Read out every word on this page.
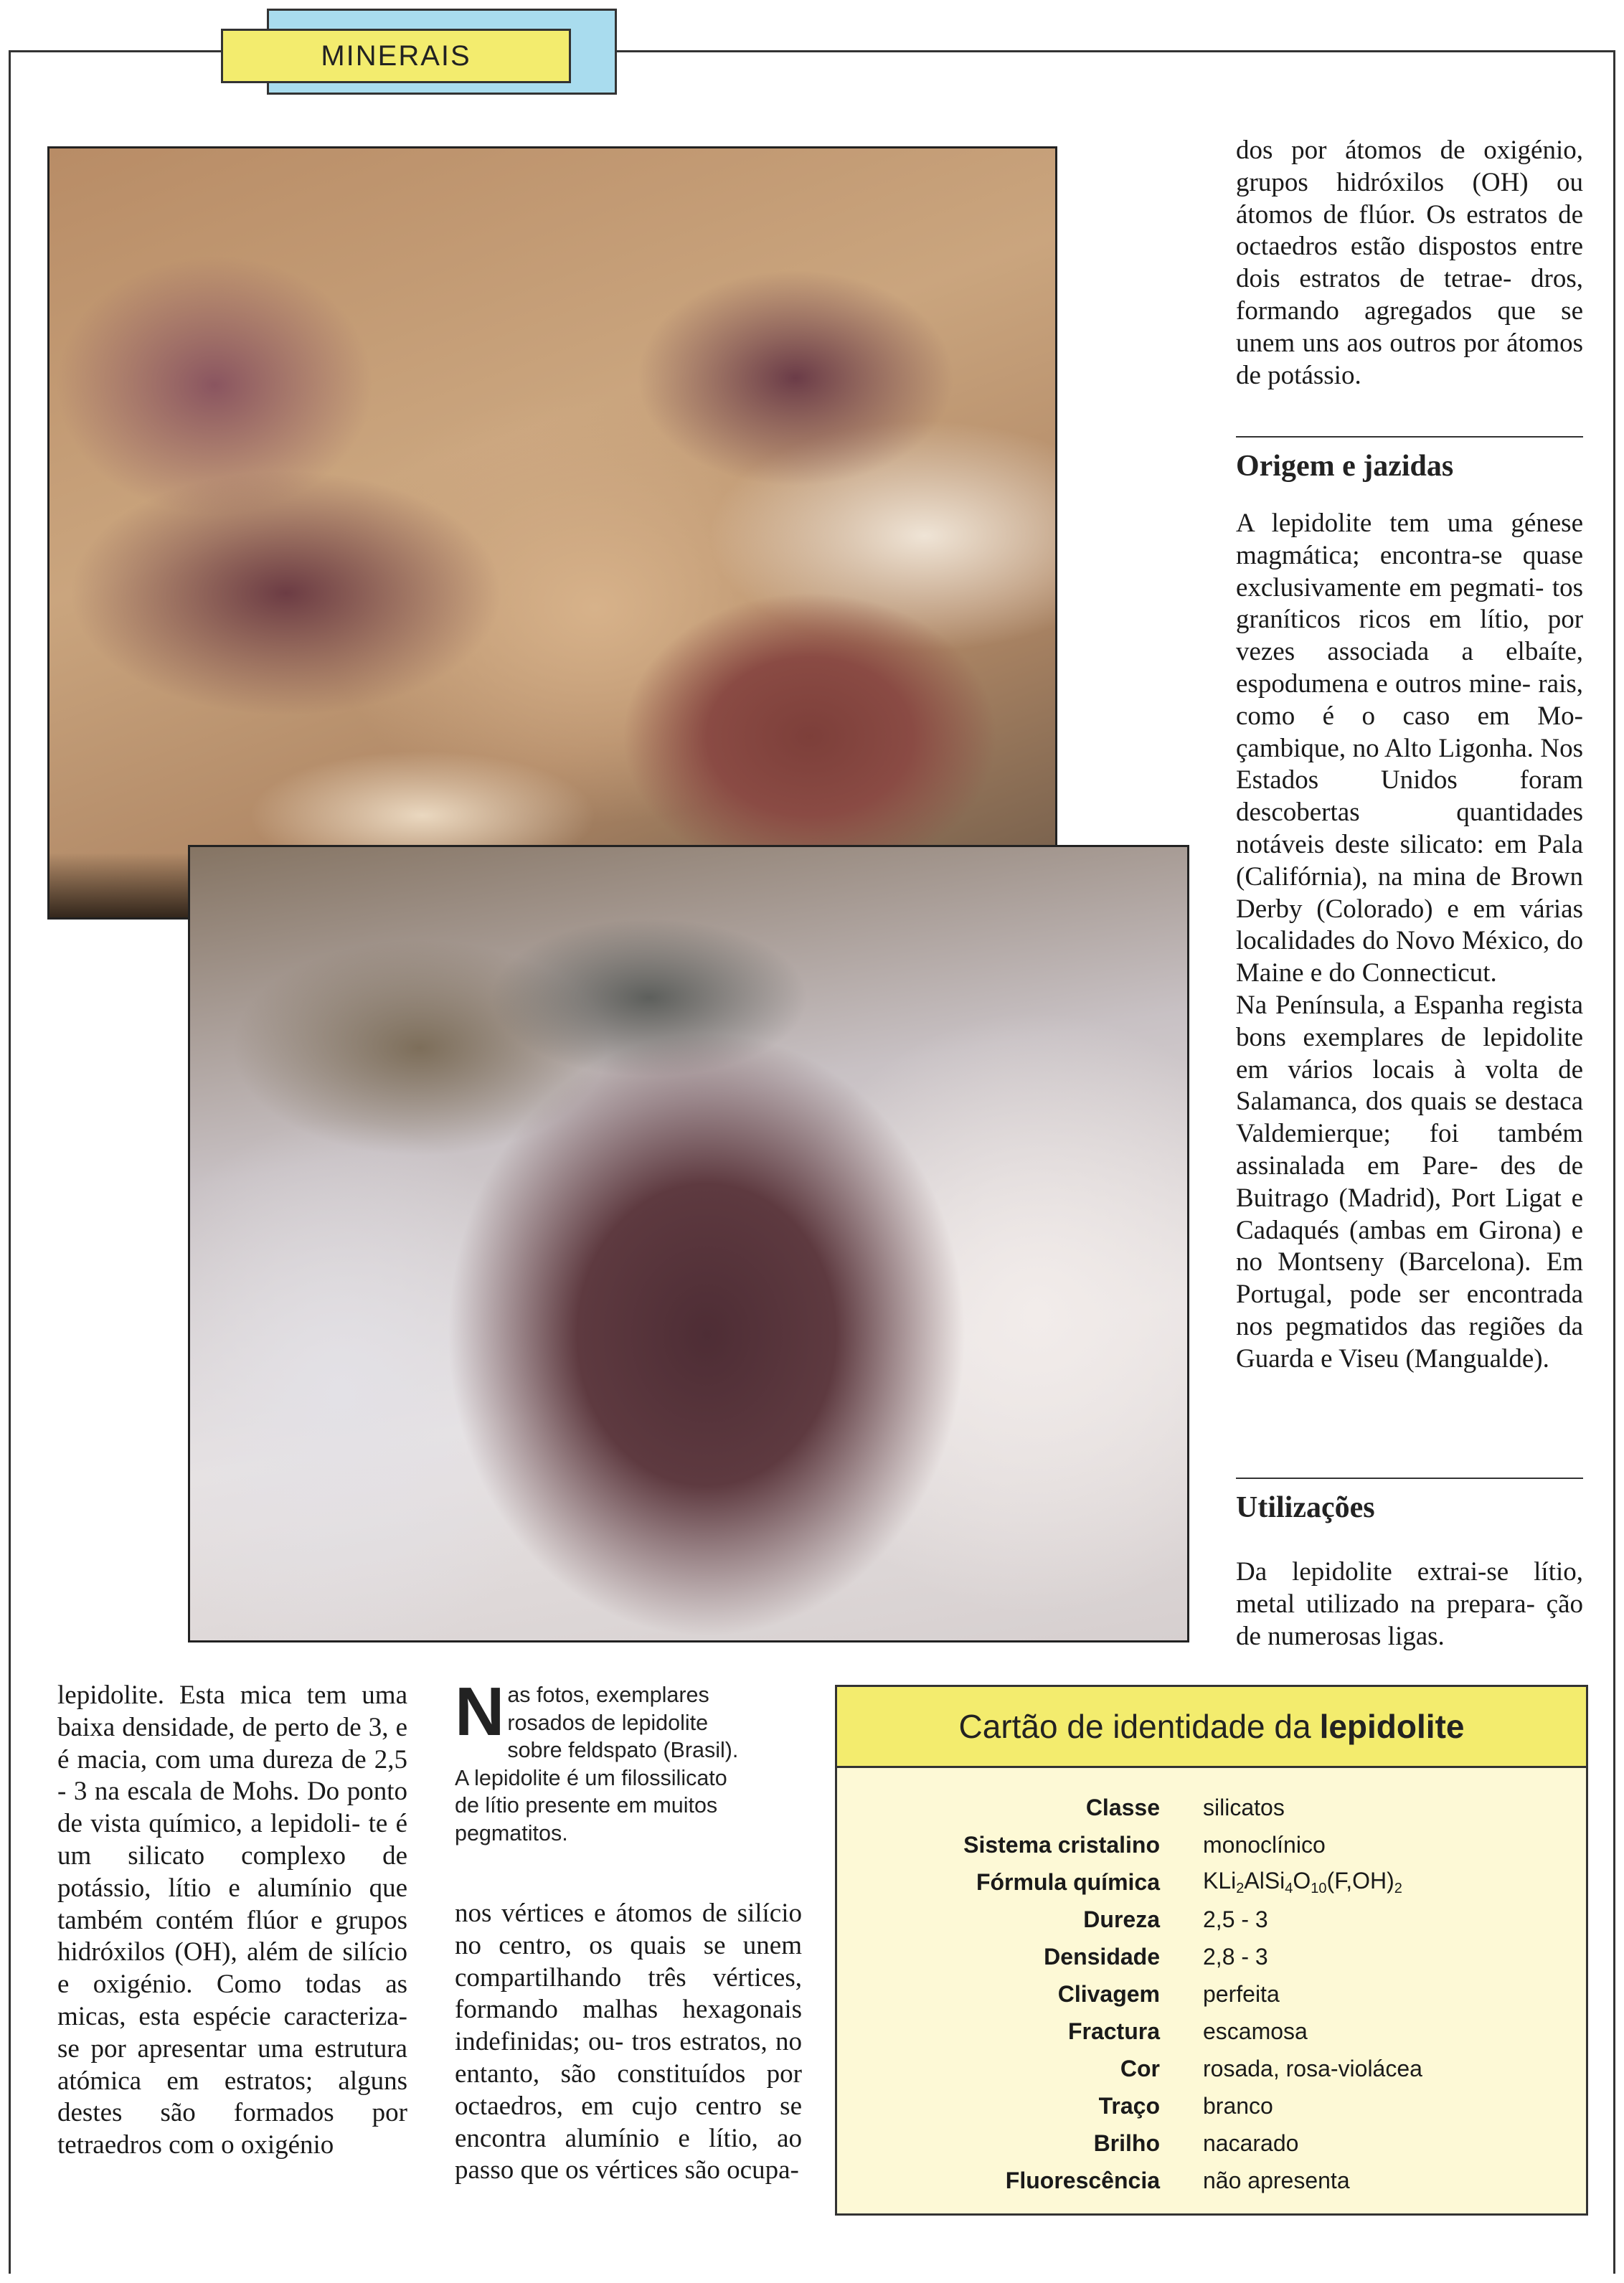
MINERAIS

dos por átomos de oxigénio, grupos hidróxilos (OH) ou átomos de flúor. Os estratos de octaedros estão dispostos entre dois estratos de tetrae- dros, formando agregados que se unem uns aos outros por átomos de potássio.

Origem e jazidas

A lepidolite tem uma génese magmática; encontra-se quase exclusivamente em pegmati- tos graníticos ricos em lítio, por vezes associada a elbaíte, espodumena e outros mine- rais, como é o caso em Mo- çambique, no Alto Ligonha. Nos Estados Unidos foram descobertas quantidades notáveis deste silicato: em Pala (Califórnia), na mina de Brown Derby (Colorado) e em várias localidades do Novo México, do Maine e do Connecticut.

Na Península, a Espanha regista bons exemplares de lepidolite em vários locais à volta de Salamanca, dos quais se destaca Valdemierque; foi também assinalada em Pare- des de Buitrago (Madrid), Port Ligat e Cadaqués (ambas em Girona) e no Montseny (Barcelona). Em Portugal, pode ser encontrada nos pegmatidos das regiões da Guarda e Viseu (Mangualde).

Utilizações

Da lepidolite extrai-se lítio, metal utilizado na prepara- ção de numerosas ligas.

lepidolite. Esta mica tem uma baixa densidade, de perto de 3, e é macia, com uma dureza de 2,5 - 3 na escala de Mohs. Do ponto de vista químico, a lepidoli- te é um silicato complexo de potássio, lítio e alumínio que também contém flúor e grupos hidróxilos (OH), além de silício e oxigénio. Como todas as micas, esta espécie caracteriza-se por apresentar uma estrutura atómica em estratos; alguns destes são formados por tetraedros com o oxigénio

N as fotos, exemplares rosados de lepidolite
sobre feldspato (Brasil).
A lepidolite é um filossilicato
de lítio presente em muitos
pegmatitos.

nos vértices e átomos de silício no centro, os quais se unem compartilhando três vértices, formando malhas hexagonais indefinidas; ou- tros estratos, no entanto, são constituídos por octaedros, em cujo centro se encontra alumínio e lítio, ao passo que os vértices são ocupa-

Cartão de identidade da lepidolite
Classe silicatos
Sistema cristalino monoclínico
Fórmula química $KLi_2AlSi_4O_{10}(F,OH)_2$
Dureza 2,5 - 3
Densidade 2,8 - 3
Clivagem perfeita
Fractura escamosa
Cor rosada, rosa-violácea
Traço branco
Brilho nacarado
Fluorescência não apresenta
